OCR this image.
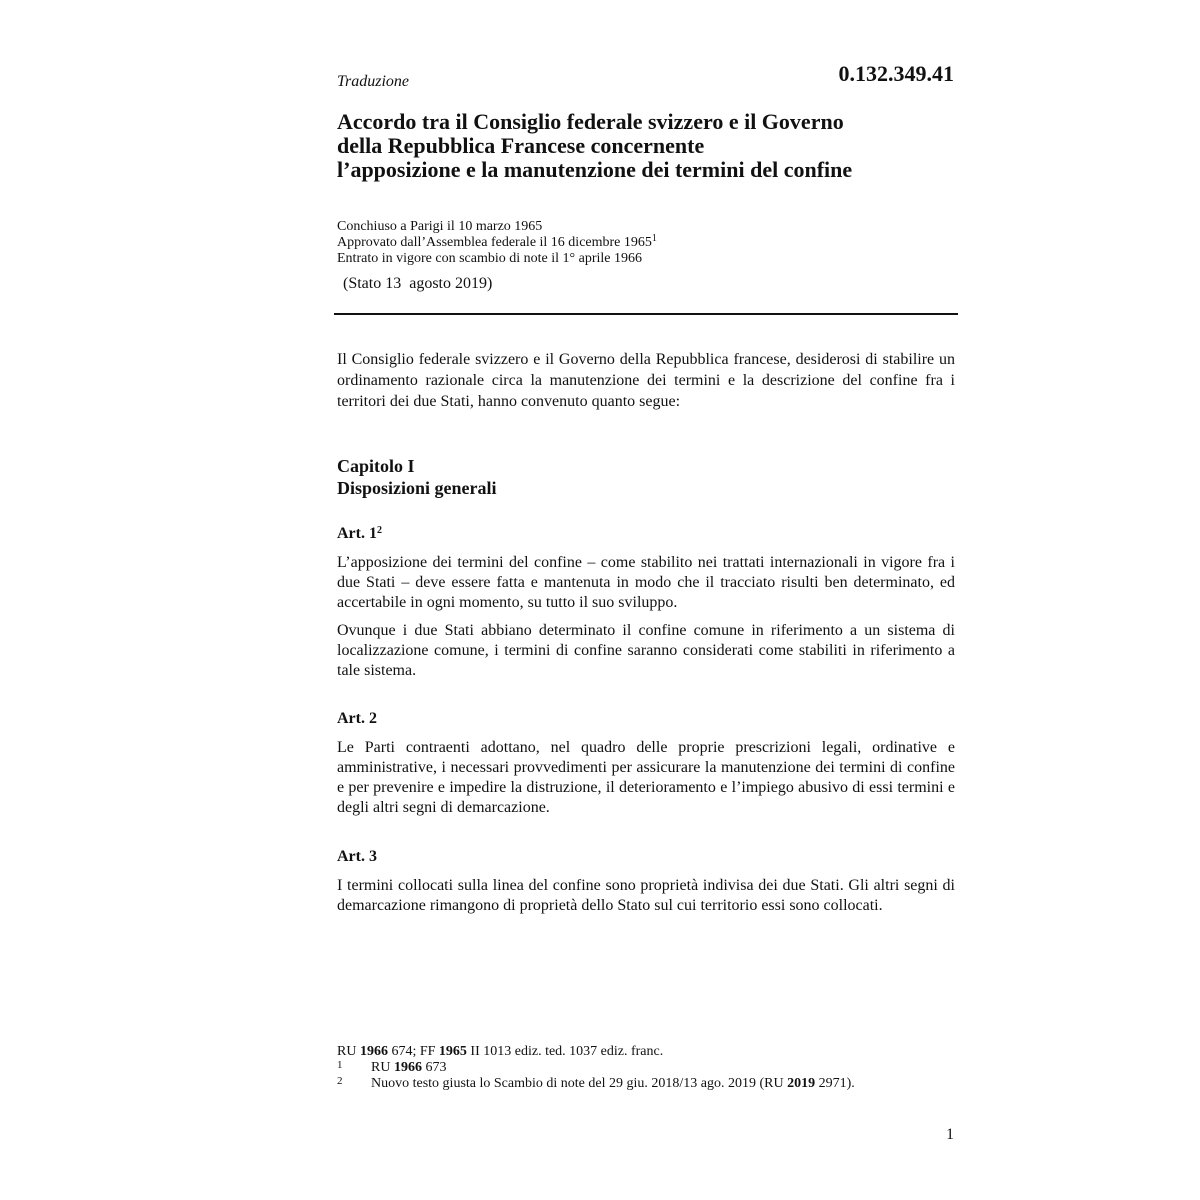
Traduzione	0.132.349.41
Accordo tra il Consiglio federale svizzero e il Governo
della Repubblica Francese concernente
l’apposizione e la manutenzione dei termini del confine
Conchiuso a Parigi il 10 marzo 1965
Approvato dall’Assemblea federale il 16 dicembre 1965$^1$
Entrato in vigore con scambio di note il 1° aprile 1966
(Stato 13  agosto 2019)
Il Consiglio federale svizzero e il Governo della Repubblica francese, desiderosi di stabilire un ordinamento razionale circa la manutenzione dei termini e la descrizione del confine fra i territori dei due Stati, hanno convenuto quanto segue:
Capitolo I
Disposizioni generali
Art. 1$^2$

L’apposizione dei termini del confine – come stabilito nei trattati internazionali in vigore fra i due Stati – deve essere fatta e mantenuta in modo che il tracciato risulti ben determinato, ed accertabile in ogni momento, su tutto il suo sviluppo.

Ovunque i due Stati abbiano determinato il confine comune in riferimento a un sistema di localizzazione comune, i termini di confine saranno considerati come stabiliti in riferimento a tale sistema.

Art. 2

Le Parti contraenti adottano, nel quadro delle proprie prescrizioni legali, ordinative e amministrative, i necessari provvedimenti per assicurare la manutenzione dei termini di confine e per prevenire e impedire la distruzione, il deterioramento e l’impiego abusivo di essi termini e degli altri segni di demarcazione.

Art. 3

I termini collocati sulla linea del confine sono proprietà indivisa dei due Stati. Gli altri segni di demarcazione rimangono di proprietà dello Stato sul cui territorio essi sono collocati.

RU
1966
674; FF
1965
II 1013 ediz. ted. 1037 ediz. franc.
1	RU
1966
673
2	Nuovo testo giusta lo Scambio di note del 29 giu. 2018/13 ago. 2019 (RU
2019
2971).
1
